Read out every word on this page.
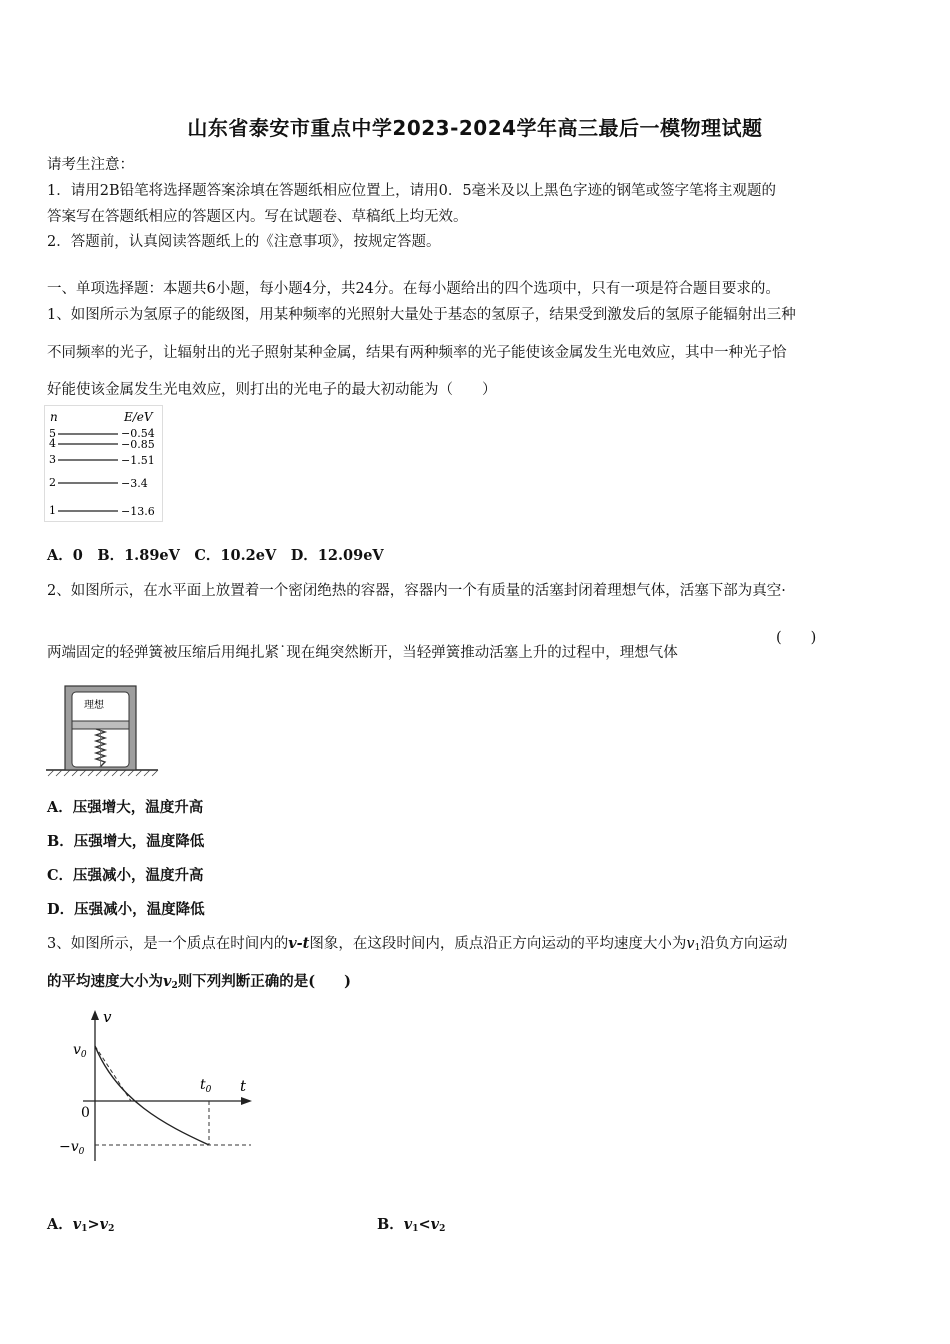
山东省泰安市重点中学2023-2024学年高三最后一模物理试题
请考生注意：
1．请用2B铅笔将选择题答案涂填在答题纸相应位置上，请用0．5毫米及以上黑色字迹的钢笔或签字笔将主观题的
答案写在答题纸相应的答题区内。写在试题卷、草稿纸上均无效。
2．答题前，认真阅读答题纸上的《注意事项》，按规定答题。
一、单项选择题：本题共6小题，每小题4分，共24分。在每小题给出的四个选项中，只有一项是符合题目要求的。
1、如图所示为氢原子的能级图，用某种频率的光照射大量处于基态的氢原子，结果受到激发后的氢原子能辐射出三种
不同频率的光子，让辐射出的光子照射某种金属，结果有两种频率的光子能使该金属发生光电效应，其中一种光子恰
好能使该金属发生光电效应，则打出的光电子的最大初动能为（　　）
n	E/eV
5	−0.54
4	−0.85
3	−1.51
2	−3.4
1	−13.6
A．0　B．1.89eV　C．10.2eV　D．12.09eV
2、如图所示，在水平面上放置着一个密闭绝热的容器，容器内一个有质量的活塞封闭着理想气体，活塞下部为真空·
两端固定的轻弹簧被压缩后用绳扎紧˙现在绳突然断开，当轻弹簧推动活塞上升的过程中，理想气体
(　　)
理想
A．压强增大，温度升高
B．压强增大，温度降低
C．压强减小，温度升高
D．压强减小，温度降低
3、如图所示，是一个质点在时间内的v-t图象，在这段时间内，质点沿正方向运动的平均速度大小为$v_1$沿负方向运动
的平均速度大小为$v_2$则下列判断正确的是(　　)
v
t
$v_0$
0
$-v_0$
$t_0$
A．$v_1>v_2$	B．$v_1<v_2$
